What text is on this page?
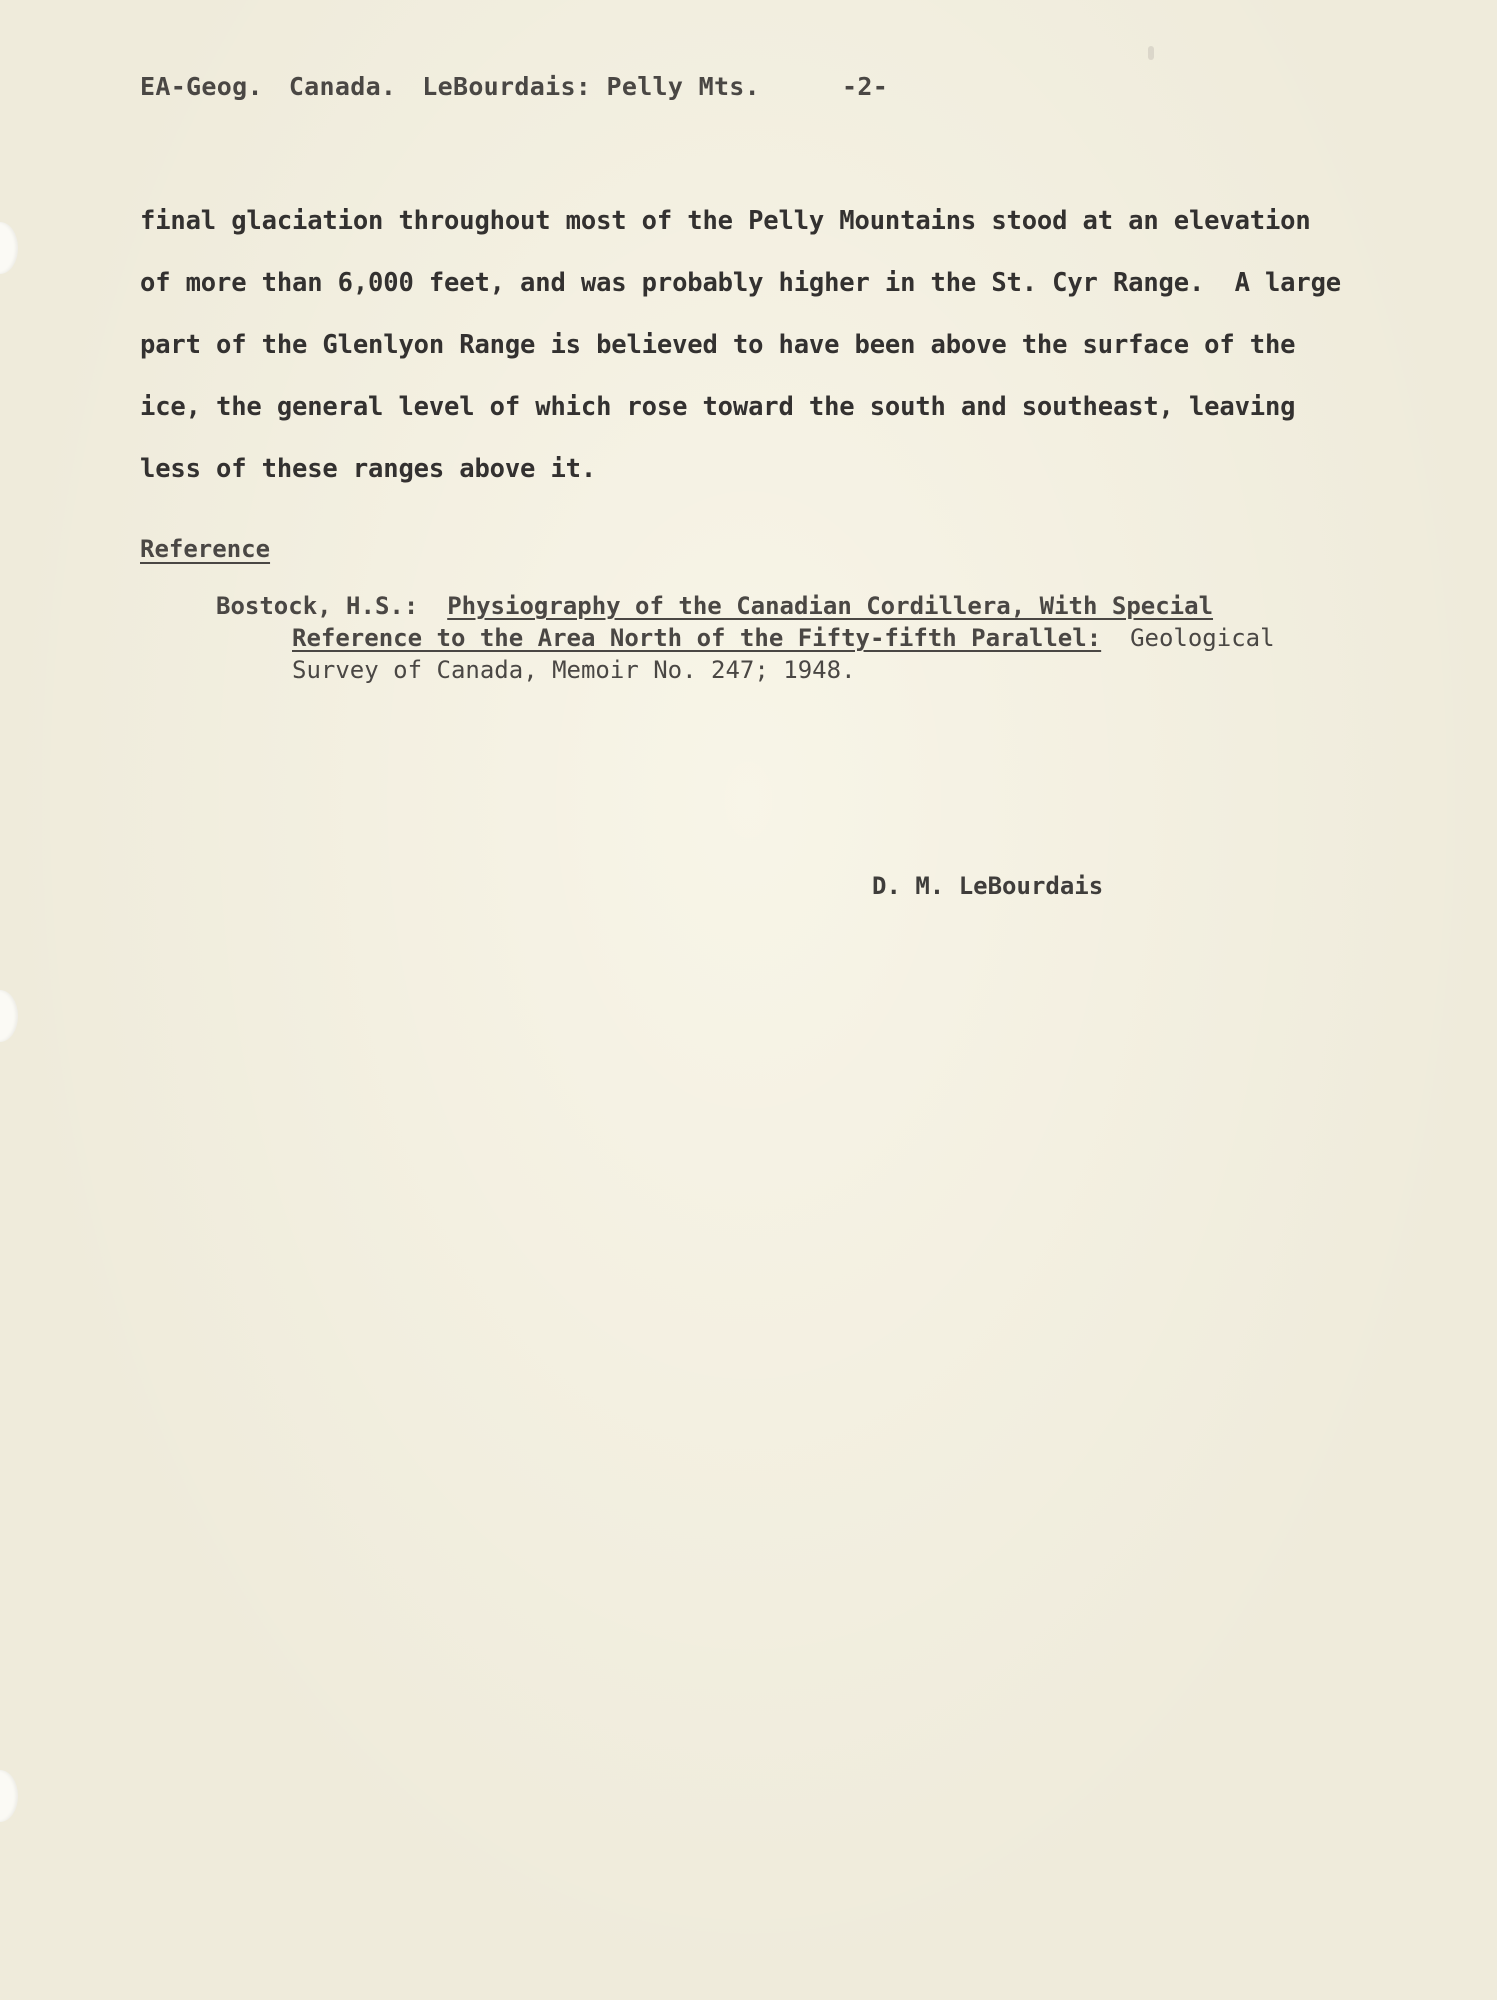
EA-Geog. Canada. LeBourdais: Pelly Mts.	-2-
final glaciation throughout most of the Pelly Mountains stood at an elevation
of more than 6,000 feet, and was probably higher in the St. Cyr Range.  A large
part of the Glenlyon Range is believed to have been above the surface of the
ice, the general level of which rose toward the south and southeast, leaving
less of these ranges above it.
Reference
Bostock, H.S.: Physiography of the Canadian Cordillera, With Special
Reference to the Area North of the Fifty-fifth Parallel: Geological
Survey of Canada, Memoir No. 247; 1948.
D. M. LeBourdais
